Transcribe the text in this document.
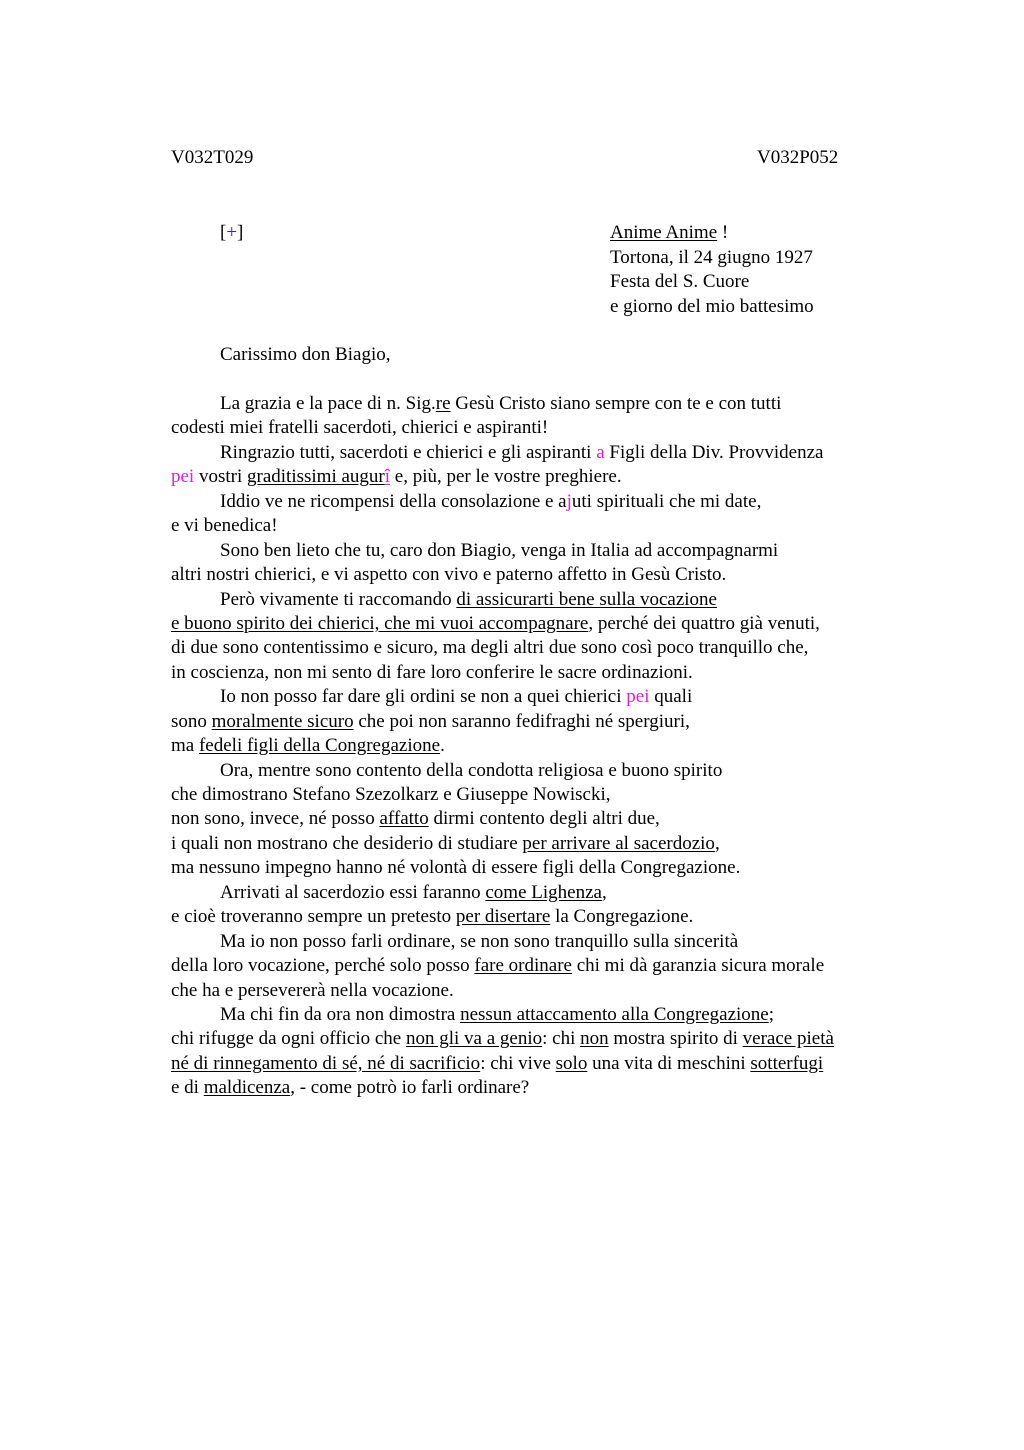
V032T029	V032P052
[+]	Anime Anime !
Tortona, il 24 giugno 1927
Festa del S. Cuore
e giorno del mio battesimo
Carissimo don Biagio,
La grazia e la pace di n. Sig.re Gesù Cristo siano sempre con te e con tutti
codesti miei fratelli sacerdoti, chierici e aspiranti!
Ringrazio tutti, sacerdoti e chierici e gli aspiranti a Figli della Div. Provvidenza
pei vostri graditissimi augurî e, più, per le vostre preghiere.
Iddio ve ne ricompensi della consolazione e ajuti spirituali che mi date,
e vi benedica!
Sono ben lieto che tu, caro don Biagio, venga in Italia ad accompagnarmi
altri nostri chierici, e vi aspetto con vivo e paterno affetto in Gesù Cristo.
Però vivamente ti raccomando di assicurarti bene sulla vocazione
e buono spirito dei chierici, che mi vuoi accompagnare, perché dei quattro già venuti,
di due sono contentissimo e sicuro, ma degli altri due sono così poco tranquillo che,
in coscienza, non mi sento di fare loro conferire le sacre ordinazioni.
Io non posso far dare gli ordini se non a quei chierici pei quali
sono moralmente sicuro che poi non saranno fedifraghi né spergiuri,
ma fedeli figli della Congregazione.
Ora, mentre sono contento della condotta religiosa e buono spirito
che dimostrano Stefano Szezolkarz e Giuseppe Nowiscki,
non sono, invece, né posso affatto dirmi contento degli altri due,
i quali non mostrano che desiderio di studiare per arrivare al sacerdozio,
ma nessuno impegno hanno né volontà di essere figli della Congregazione.
Arrivati al sacerdozio essi faranno come Lighenza,
e cioè troveranno sempre un pretesto per disertare la Congregazione.
Ma io non posso farli ordinare, se non sono tranquillo sulla sincerità
della loro vocazione, perché solo posso fare ordinare chi mi dà garanzia sicura morale
che ha e persevererà nella vocazione.
Ma chi fin da ora non dimostra nessun attaccamento alla Congregazione;
chi rifugge da ogni officio che non gli va a genio: chi non mostra spirito di verace pietà
né di rinnegamento di sé, né di sacrificio: chi vive solo una vita di meschini sotterfugi
e di maldicenza, - come potrò io farli ordinare?
